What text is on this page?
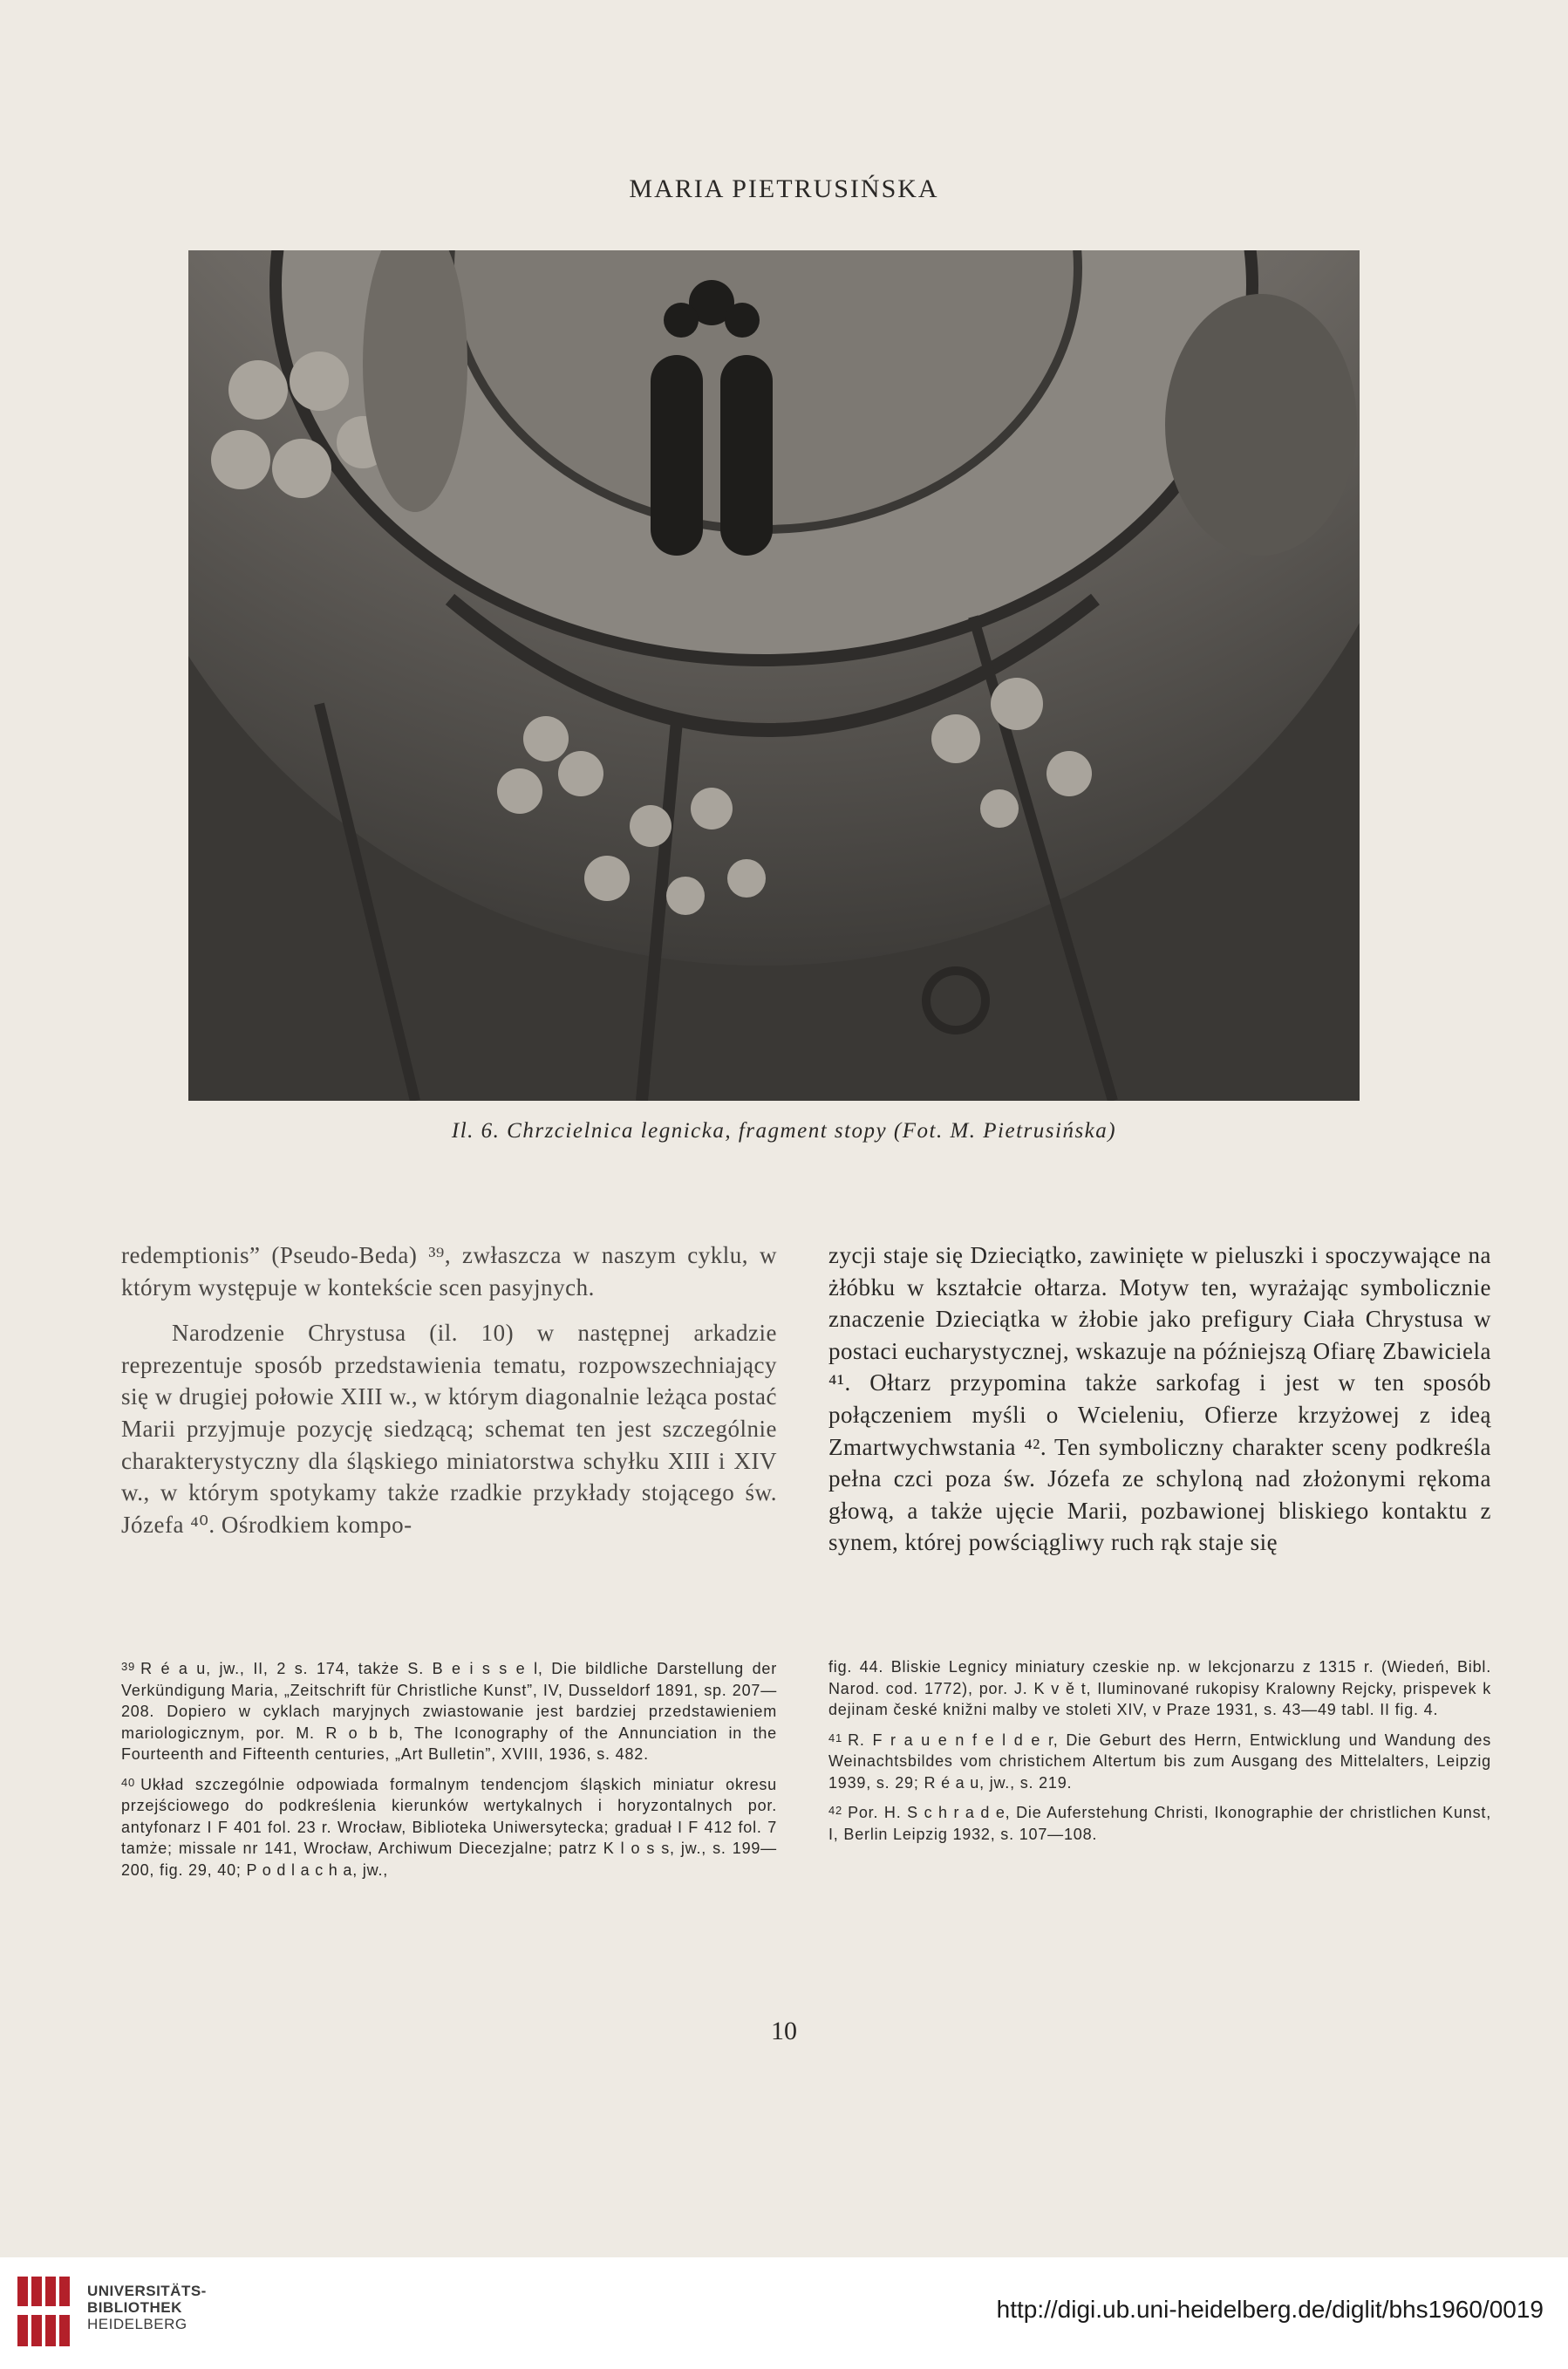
MARIA PIETRUSIŃSKA
Il. 6. Chrzcielnica legnicka, fragment stopy (Fot. M. Pietrusińska)

redemptionis” (Pseudo-Beda) ³⁹, zwłaszcza w naszym cyklu, w którym występuje w kontekście scen pasyjnych.

Narodzenie Chrystusa (il. 10) w następnej arkadzie reprezentuje sposób przedstawienia tematu, rozpowszechniający się w drugiej połowie XIII w., w którym diagonalnie leżąca postać Marii przyjmuje pozycję siedzącą; schemat ten jest szczególnie charakterystyczny dla śląskiego miniatorstwa schyłku XIII i XIV w., w którym spotykamy także rzadkie przykłady stojącego św. Józefa ⁴⁰. Ośrodkiem kompo-

zycji staje się Dzieciątko, zawinięte w pieluszki i spoczywające na żłóbku w kształcie ołtarza. Motyw ten, wyrażając symbolicznie znaczenie Dzieciątka w żłobie jako prefigury Ciała Chrystusa w postaci eucharystycznej, wskazuje na późniejszą Ofiarę Zbawiciela ⁴¹. Ołtarz przypomina także sarkofag i jest w ten sposób połączeniem myśli o Wcieleniu, Ofierze krzyżowej z ideą Zmartwychwstania ⁴². Ten symboliczny charakter sceny podkreśla pełna czci poza św. Józefa ze schyloną nad złożonymi rękoma głową, a także ujęcie Marii, pozbawionej bliskiego kontaktu z synem, której powściągliwy ruch rąk staje się

$^{39}$ R é a u, jw., II, 2 s. 174, także S. B e i s s e l, Die bildliche Darstellung der Verkündigung Maria, „Zeitschrift für Christliche Kunst”, IV, Dusseldorf 1891, sp. 207—208. Dopiero w cyklach maryjnych zwiastowanie jest bardziej przedstawieniem mariologicznym, por. M. R o b b, The Iconography of the Annunciation in the Fourteenth and Fifteenth centuries, „Art Bulletin”, XVIII, 1936, s. 482.

$^{40}$ Układ szczególnie odpowiada formalnym tendencjom śląskich miniatur okresu przejściowego do podkreślenia kierunków wertykalnych i horyzontalnych por. antyfonarz I F 401 fol. 23 r. Wrocław, Biblioteka Uniwersytecka; graduał I F 412 fol. 7 tamże; missale nr 141, Wrocław, Archiwum Diecezjalne; patrz K l o s s, jw., s. 199—200, fig. 29, 40; P o d l a c h a, jw.,

fig. 44. Bliskie Legnicy miniatury czeskie np. w lekcjonarzu z 1315 r. (Wiedeń, Bibl. Narod. cod. 1772), por. J. K v ě t, Iluminované rukopisy Kralowny Rejcky, prispevek k dejinam české knižni malby ve stoleti XIV, v Praze 1931, s. 43—49 tabl. II fig. 4.

$^{41}$ R. F r a u e n f e l d e r, Die Geburt des Herrn, Entwicklung und Wandung des Weinachtsbildes vom christichem Altertum bis zum Ausgang des Mittelalters, Leipzig 1939, s. 29; R é a u, jw., s. 219.

$^{42}$ Por. H. S c h r a d e, Die Auferstehung Christi, Ikonographie der christlichen Kunst, I, Berlin Leipzig 1932, s. 107—108.

10
UNIVERSITÄTS-
BIBLIOTHEK
HEIDELBERG
http://digi.ub.uni-heidelberg.de/diglit/bhs1960/0019
